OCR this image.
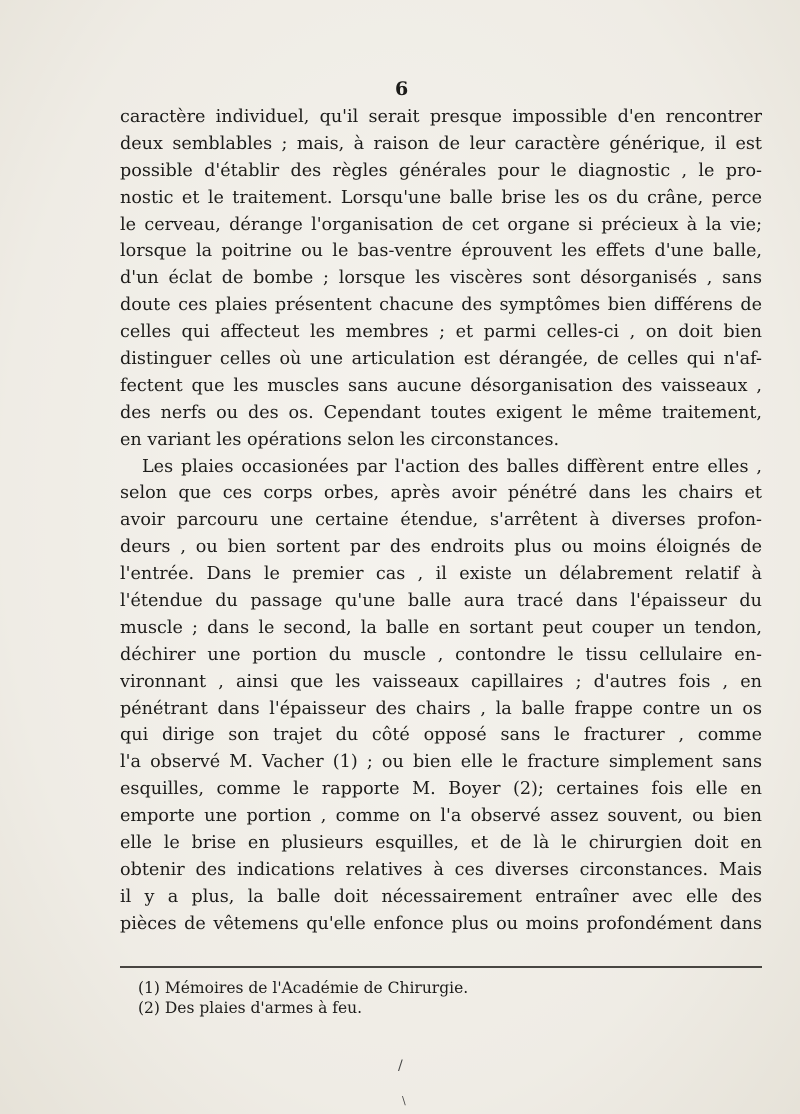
6

caractère individuel, qu'il serait presque impossible d'en rencontrer
deux semblables ; mais, à raison de leur caractère générique, il est
possible d'établir des règles générales pour le diagnostic , le pro-
nostic et le traitement. Lorsqu'une balle brise les os du crâne, perce
le cerveau, dérange l'organisation de cet organe si précieux à la vie;
lorsque la poitrine ou le bas-ventre éprouvent les effets d'une balle,
d'un éclat de bombe ; lorsque les viscères sont désorganisés , sans
doute ces plaies présentent chacune des symptômes bien différens de
celles qui affecteut les membres ; et parmi celles-ci , on doit bien
distinguer celles où une articulation est dérangée, de celles qui n'af-
fectent que les muscles sans aucune désorganisation des vaisseaux ,
des nerfs ou des os. Cependant toutes exigent le même traitement,
en variant les opérations selon les circonstances.

Les plaies occasionées par l'action des balles diffèrent entre elles ,
selon que ces corps orbes, après avoir pénétré dans les chairs et
avoir parcouru une certaine étendue, s'arrêtent à diverses profon-
deurs , ou bien sortent par des endroits plus ou moins éloignés de
l'entrée. Dans le premier cas , il existe un délabrement relatif à
l'étendue du passage qu'une balle aura tracé dans l'épaisseur du
muscle ; dans le second, la balle en sortant peut couper un tendon,
déchirer une portion du muscle , contondre le tissu cellulaire en-
vironnant , ainsi que les vaisseaux capillaires ; d'autres fois , en
pénétrant dans l'épaisseur des chairs , la balle frappe contre un os
qui dirige son trajet du côté opposé sans le fracturer , comme
l'a observé M. Vacher (1) ; ou bien elle le fracture simplement sans
esquilles, comme le rapporte M. Boyer (2); certaines fois elle en
emporte une portion , comme on l'a observé assez souvent, ou bien
elle le brise en plusieurs esquilles, et de là le chirurgien doit en
obtenir des indications relatives à ces diverses circonstances. Mais
il y a plus, la balle doit nécessairement entraîner avec elle des
pièces de vêtemens qu'elle enfonce plus ou moins profondément dans

(1) Mémoires de l'Académie de Chirurgie.
(2) Des plaies d'armes à feu.
/
\
